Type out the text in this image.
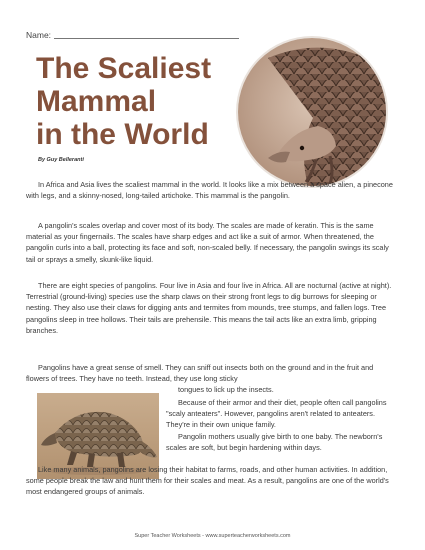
Name:
The Scaliest
Mammal
in the World
By Guy Belleranti
In Africa and Asia lives the scaliest mammal in the world. It looks like a mix between a space alien, a pinecone with legs, and a skinny-nosed, long-tailed artichoke. This mammal is the pangolin.
A pangolin's scales overlap and cover most of its body. The scales are made of keratin. This is the same material as your fingernails. The scales have sharp edges and act like a suit of armor. When threatened, the pangolin curls into a ball, protecting its face and soft, non-scaled belly. If necessary, the pangolin swings its scaly tail or sprays a smelly, skunk-like liquid.
There are eight species of pangolins. Four live in Asia and four live in Africa. All are nocturnal (active at night). Terrestrial (ground-living) species use the sharp claws on their strong front legs to dig burrows for sleeping or nesting. They also use their claws for digging ants and termites from mounds, tree stumps, and fallen logs. Tree pangolins sleep in tree hollows. Their tails are prehensile. This means the tail acts like an extra limb, gripping branches.
Pangolins have a great sense of smell. They can sniff out insects both on the ground and in the fruit and flowers of trees. They have no teeth. Instead, they use long sticky
tongues to lick up the insects.
Because of their armor and their diet, people often call pangolins "scaly anteaters". However, pangolins aren't related to anteaters. They're in their own unique family.
Pangolin mothers usually give birth to one baby. The newborn's scales are soft, but begin hardening within days.
Like many animals, pangolins are losing their habitat to farms, roads, and other human activities. In addition, some people break the law and hunt them for their scales and meat. As a result, pangolins are one of the world's most endangered groups of animals.
Super Teacher Worksheets - www.superteacherworksheets.com
